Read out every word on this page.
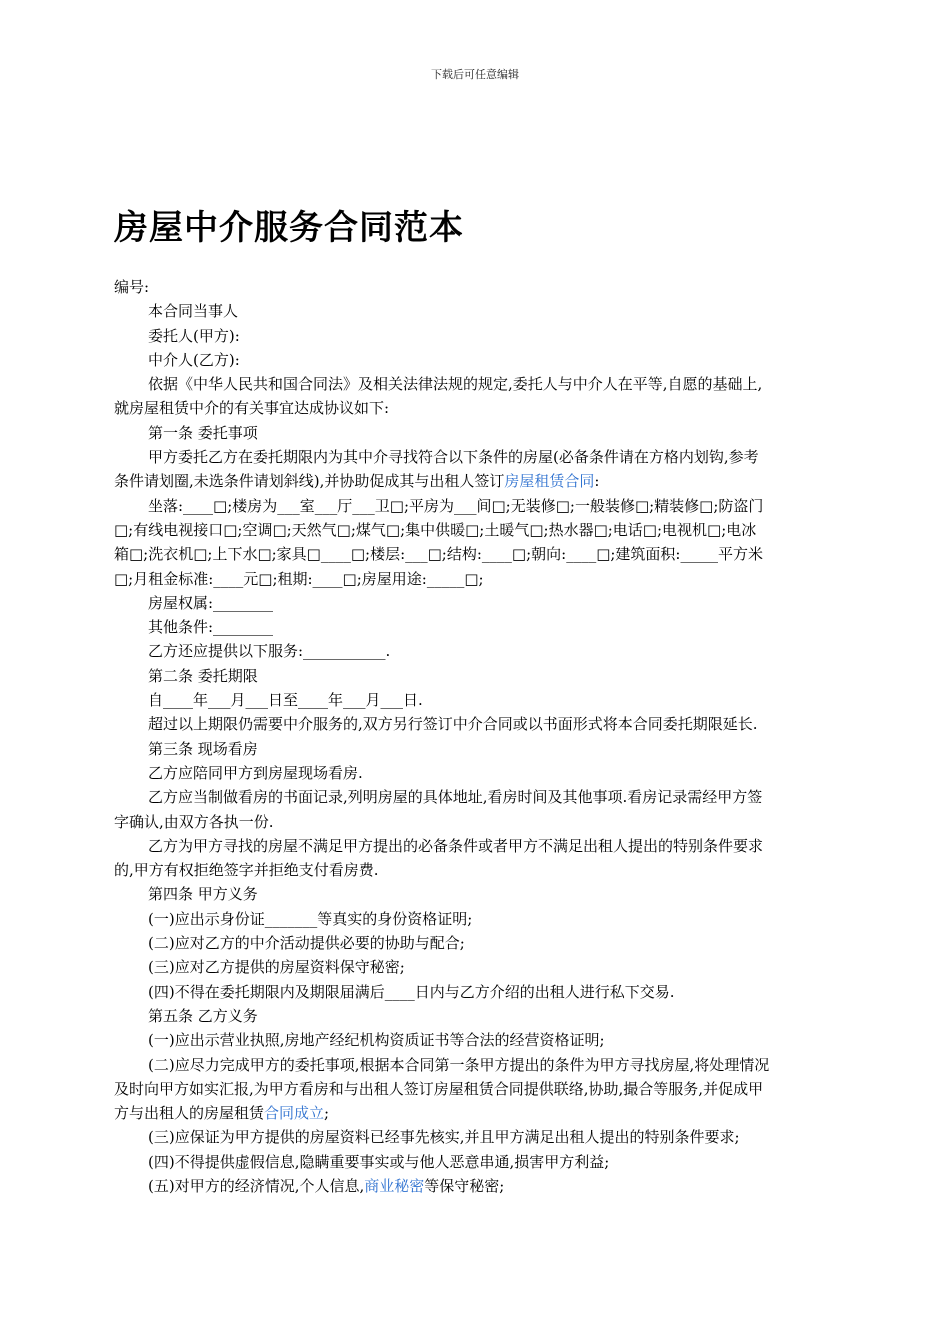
下载后可任意编辑
房屋中介服务合同范本

编号:

本合同当事人

委托人(甲方):

中介人(乙方):

依据《中华人民共和国合同法》及相关法律法规的规定,委托人与中介人在平等,自愿的基础上,

就房屋租赁中介的有关事宜达成协议如下:

第一条 委托事项

甲方委托乙方在委托期限内为其中介寻找符合以下条件的房屋(必备条件请在方格内划钩,参考

条件请划圈,未选条件请划斜线),并协助促成其与出租人签订房屋租赁合同:

坐落:____□;楼房为___室___厅___卫□;平房为___间□;无装修□;一般装修□;精装修□;防盗门

□;有线电视接口□;空调□;天然气□;煤气□;集中供暖□;土暖气□;热水器□;电话□;电视机□;电冰

箱□;洗衣机□;上下水□;家具□____□;楼层:___□;结构:____□;朝向:____□;建筑面积:_____平方米

□;月租金标准:____元□;租期:____□;房屋用途:_____□;

房屋权属:________

其他条件:________

乙方还应提供以下服务:___________.

第二条 委托期限

自____年___月___日至____年___月___日.

超过以上期限仍需要中介服务的,双方另行签订中介合同或以书面形式将本合同委托期限延长.

第三条 现场看房

乙方应陪同甲方到房屋现场看房.

乙方应当制做看房的书面记录,列明房屋的具体地址,看房时间及其他事项.看房记录需经甲方签

字确认,由双方各执一份.

乙方为甲方寻找的房屋不满足甲方提出的必备条件或者甲方不满足出租人提出的特别条件要求

的,甲方有权拒绝签字并拒绝支付看房费.

第四条 甲方义务

(一)应出示身份证_______等真实的身份资格证明;

(二)应对乙方的中介活动提供必要的协助与配合;

(三)应对乙方提供的房屋资料保守秘密;

(四)不得在委托期限内及期限届满后____日内与乙方介绍的出租人进行私下交易.

第五条 乙方义务

(一)应出示营业执照,房地产经纪机构资质证书等合法的经营资格证明;

(二)应尽力完成甲方的委托事项,根据本合同第一条甲方提出的条件为甲方寻找房屋,将处理情况

及时向甲方如实汇报,为甲方看房和与出租人签订房屋租赁合同提供联络,协助,撮合等服务,并促成甲

方与出租人的房屋租赁合同成立;

(三)应保证为甲方提供的房屋资料已经事先核实,并且甲方满足出租人提出的特别条件要求;

(四)不得提供虚假信息,隐瞒重要事实或与他人恶意串通,损害甲方利益;

(五)对甲方的经济情况,个人信息,商业秘密等保守秘密;
